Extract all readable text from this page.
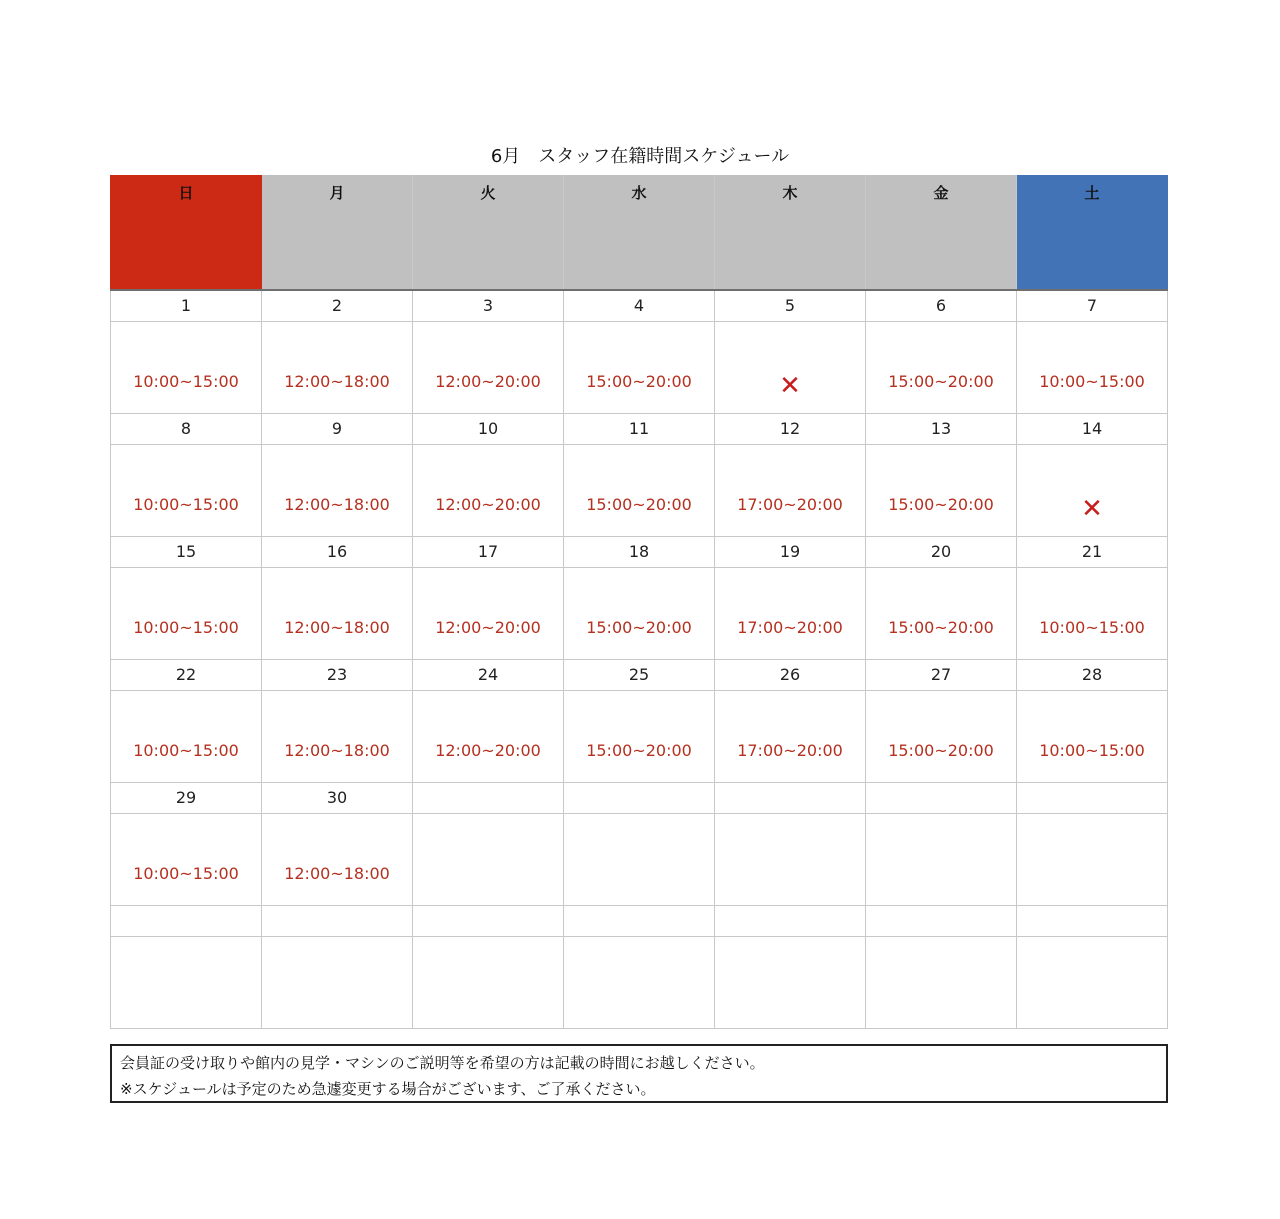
6月　スタッフ在籍時間スケジュール
日	月	火	水	木	金	土
1	2	3	4	5	6	7
10:00~15:00	12:00~18:00	12:00~20:00	15:00~20:00	✕	15:00~20:00	10:00~15:00
8	9	10	11	12	13	14
10:00~15:00	12:00~18:00	12:00~20:00	15:00~20:00	17:00~20:00	15:00~20:00	✕
15	16	17	18	19	20	21
10:00~15:00	12:00~18:00	12:00~20:00	15:00~20:00	17:00~20:00	15:00~20:00	10:00~15:00
22	23	24	25	26	27	28
10:00~15:00	12:00~18:00	12:00~20:00	15:00~20:00	17:00~20:00	15:00~20:00	10:00~15:00
29	30					
10:00~15:00	12:00~18:00					

会員証の受け取りや館内の見学・マシンのご説明等を希望の方は記載の時間にお越しください。
※スケジュールは予定のため急遽変更する場合がございます、ご了承ください。
